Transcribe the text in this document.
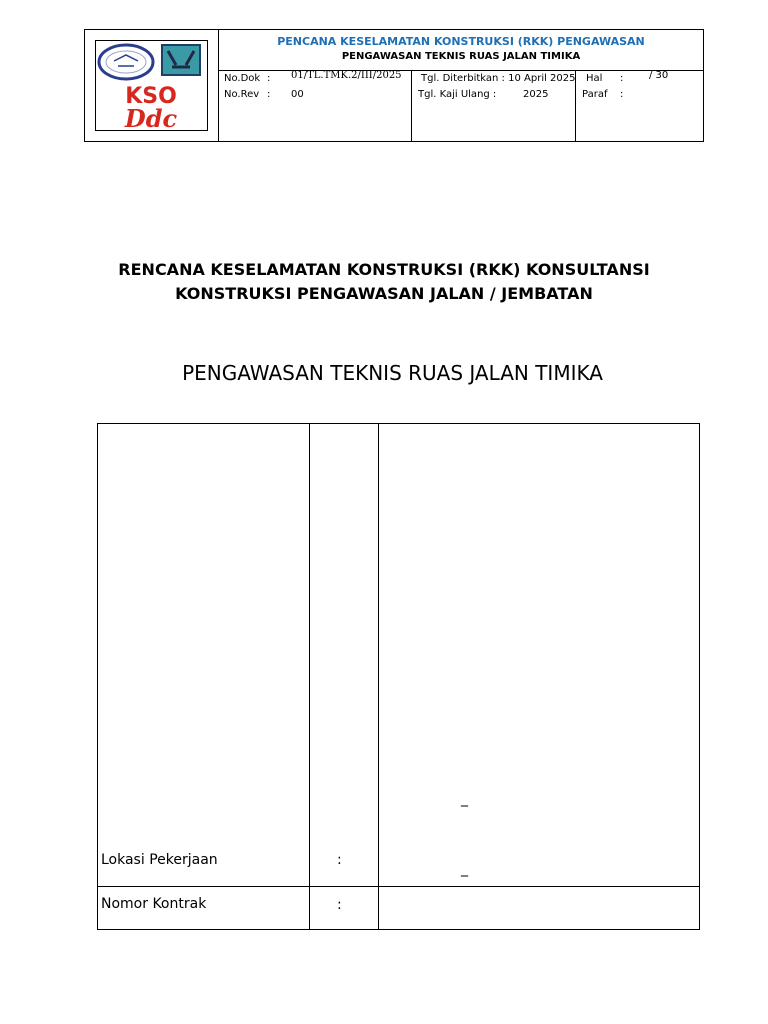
KSO
Ddc
PENCANA KESELAMATAN KONSTRUKSI (RKK) PENGAWASAN
PENGAWASAN TEKNIS RUAS JALAN TIMIKA
No.Dok : 01/TL.TMK.2/III/2025
No.Rev : 00
Tgl. Diterbitkan : 10 April 2025
Tgl. Kaji Ulang :	2025
Hal :	/ 30
Paraf :
RENCANA KESELAMATAN KONSTRUKSI (RKK) KONSULTANSI
KONSTRUKSI PENGAWASAN JALAN / JEMBATAN
PENGAWASAN TEKNIS RUAS JALAN TIMIKA
_
Lokasi Pekerjaan	:
_
Nomor Kontrak	:
